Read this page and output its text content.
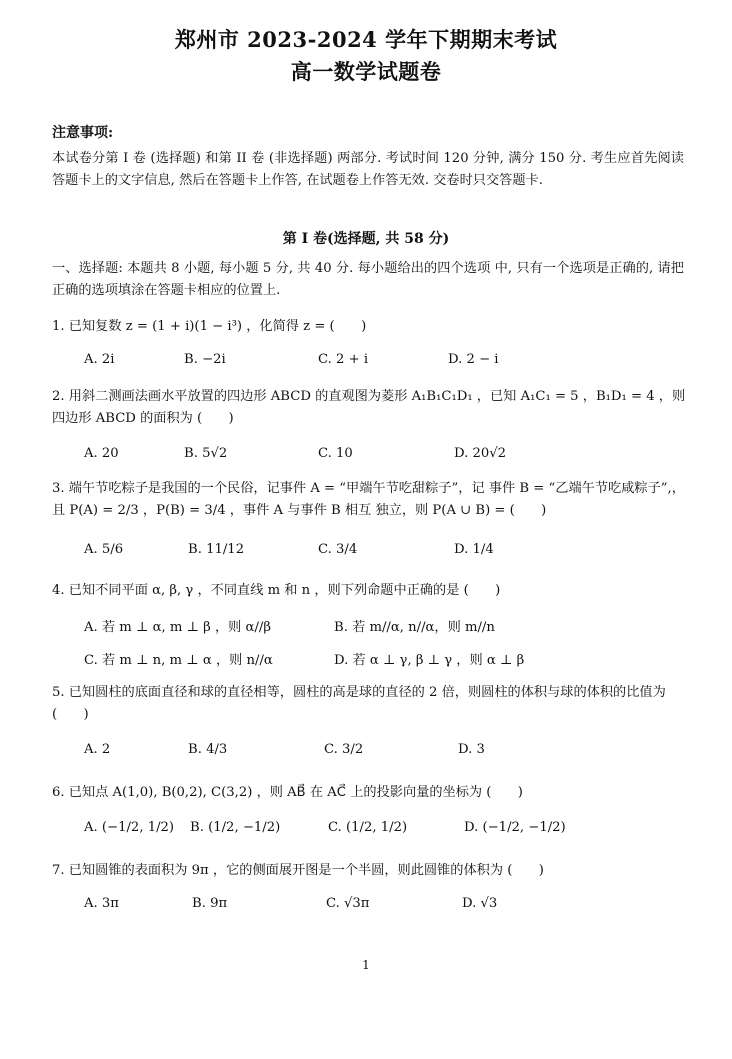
郑州市 2023-2024 学年下期期末考试
高一数学试题卷
注意事项:
本试卷分第 I 卷 (选择题) 和第 II 卷 (非选择题) 两部分. 考试时间 120 分钟, 满分 150 分. 考生应首先阅读答题卡上的文字信息, 然后在答题卡上作答, 在试题卷上作答无效. 交卷时只交答题卡.
第 I 卷(选择题, 共 58 分)
一、选择题: 本题共 8 小题, 每小题 5 分, 共 40 分. 每小题给出的四个选项 中, 只有一个选项是正确的, 请把正确的选项填涂在答题卡相应的位置上.
1. 已知复数 z = (1 + i)(1 − i³) ，化简得 z = (　　)
A. 2i	B. −2i	C. 2 + i	D. 2 − i
2. 用斜二测画法画水平放置的四边形 ABCD 的直观图为菱形 A₁B₁C₁D₁ ，已知 A₁C₁ = 5 ，B₁D₁ = 4 ，则四边形 ABCD 的面积为 (　　)
A. 20	B. 5√2	C. 10	D. 20√2
3. 端午节吃粽子是我国的一个民俗，记事件 A = “甲端午节吃甜粽子”，记 事件 B = “乙端午节吃咸粽子”,，且 P(A) = 2/3 ，P(B) = 3/4 ，事件 A 与事件 B 相互 独立，则 P(A ∪ B) = (　　)
A. 5/6	B. 11/12	C. 3/4	D. 1/4
4. 已知不同平面 α, β, γ ，不同直线 m 和 n ，则下列命题中正确的是 (　　)
A. 若 m ⊥ α, m ⊥ β ，则 α//β	B. 若 m//α, n//α，则 m//n
C. 若 m ⊥ n, m ⊥ α ，则 n//α	D. 若 α ⊥ γ, β ⊥ γ ，则 α ⊥ β
5. 已知圆柱的底面直径和球的直径相等，圆柱的高是球的直径的 2 倍，则圆柱的体积与球的体积的比值为 (　　)
A. 2	B. 4/3	C. 3/2	D. 3
6. 已知点 A(1,0), B(0,2), C(3,2) ，则 AB⃗ 在 AC⃗ 上的投影向量的坐标为 (　　)
A. (−1/2, 1/2) B. (1/2, −1/2)	C. (1/2, 1/2)	D. (−1/2, −1/2)
7. 已知圆锥的表面积为 9π ，它的侧面展开图是一个半圆，则此圆锥的体积为 (　　)
A. 3π	B. 9π	C. √3π	D. √3
1
